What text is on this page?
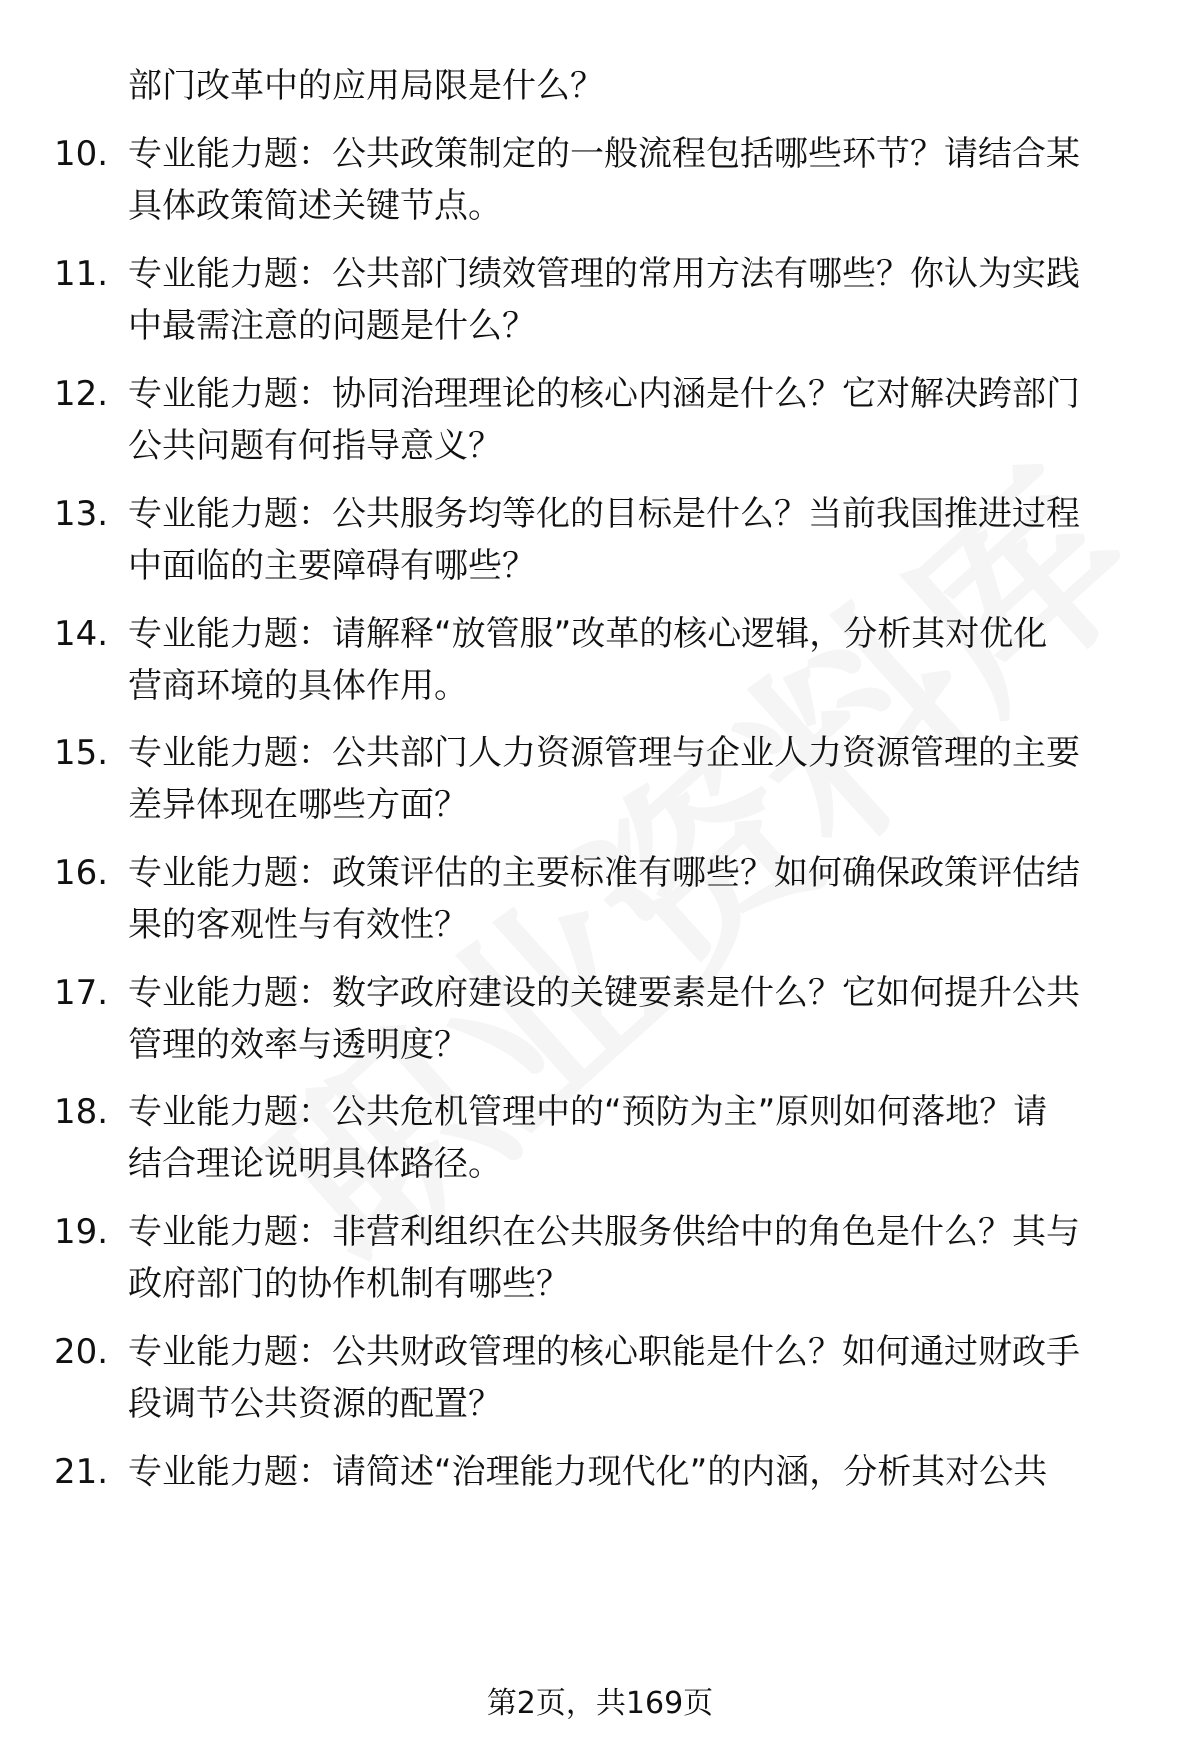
部门改革中的应用局限是什么？
10. 专业能力题：公共政策制定的一般流程包括哪些环节？请结合某
具体政策简述关键节点。
11. 专业能力题：公共部门绩效管理的常用方法有哪些？你认为实践
中最需注意的问题是什么？
12. 专业能力题：协同治理理论的核心内涵是什么？它对解决跨部门
公共问题有何指导意义？
13. 专业能力题：公共服务均等化的目标是什么？当前我国推进过程
中面临的主要障碍有哪些？
14. 专业能力题：请解释“放管服”改革的核心逻辑，分析其对优化
营商环境的具体作用。
15. 专业能力题：公共部门人力资源管理与企业人力资源管理的主要
差异体现在哪些方面？
16. 专业能力题：政策评估的主要标准有哪些？如何确保政策评估结
果的客观性与有效性？
17. 专业能力题：数字政府建设的关键要素是什么？它如何提升公共
管理的效率与透明度？
18. 专业能力题：公共危机管理中的“预防为主”原则如何落地？请
结合理论说明具体路径。
19. 专业能力题：非营利组织在公共服务供给中的角色是什么？其与
政府部门的协作机制有哪些？
20. 专业能力题：公共财政管理的核心职能是什么？如何通过财政手
段调节公共资源的配置？
21. 专业能力题：请简述“治理能力现代化”的内涵，分析其对公共
第2页，共169页
